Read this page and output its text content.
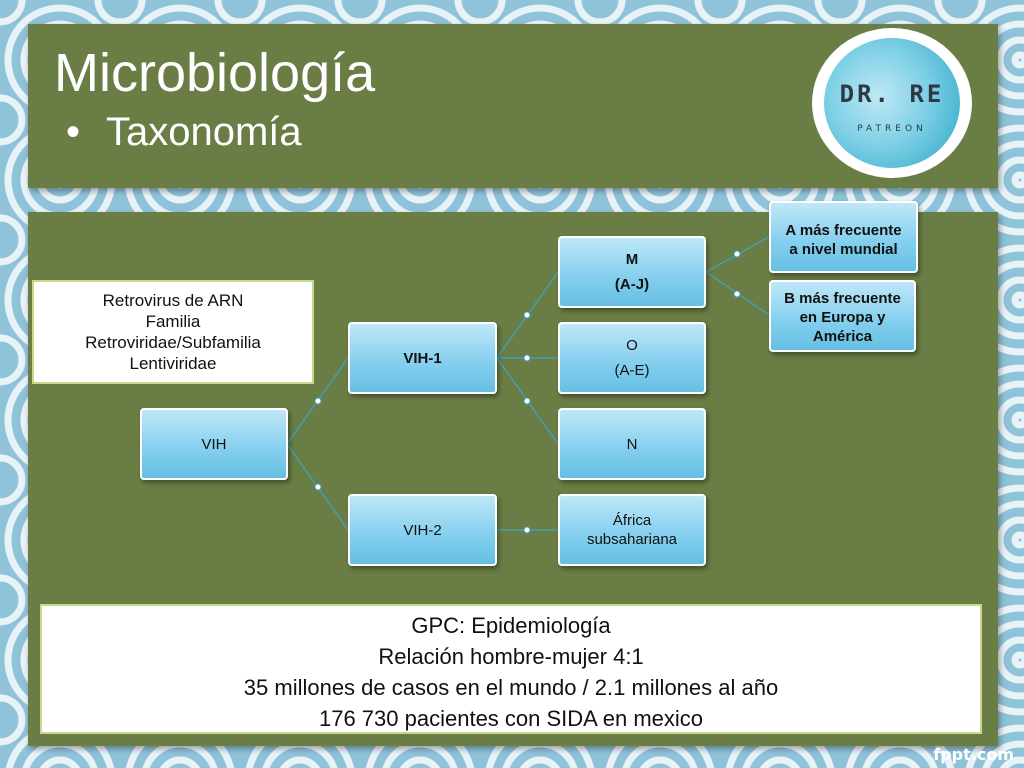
Microbiología
• Taxonomía
DR. RE
PATREON
Retrovirus de ARN
Familia
Retroviridae/Subfamilia
Lentiviridae
VIH
VIH-1
VIH-2
M
(A-J)
O
(A-E)
N
África
subsahariana
A más frecuente
a nivel mundial
B más frecuente
en Europa y
América
GPC: Epidemiología
Relación hombre-mujer 4:1
35 millones de casos en el mundo / 2.1 millones al año
176 730 pacientes con SIDA en mexico
fppt.com
